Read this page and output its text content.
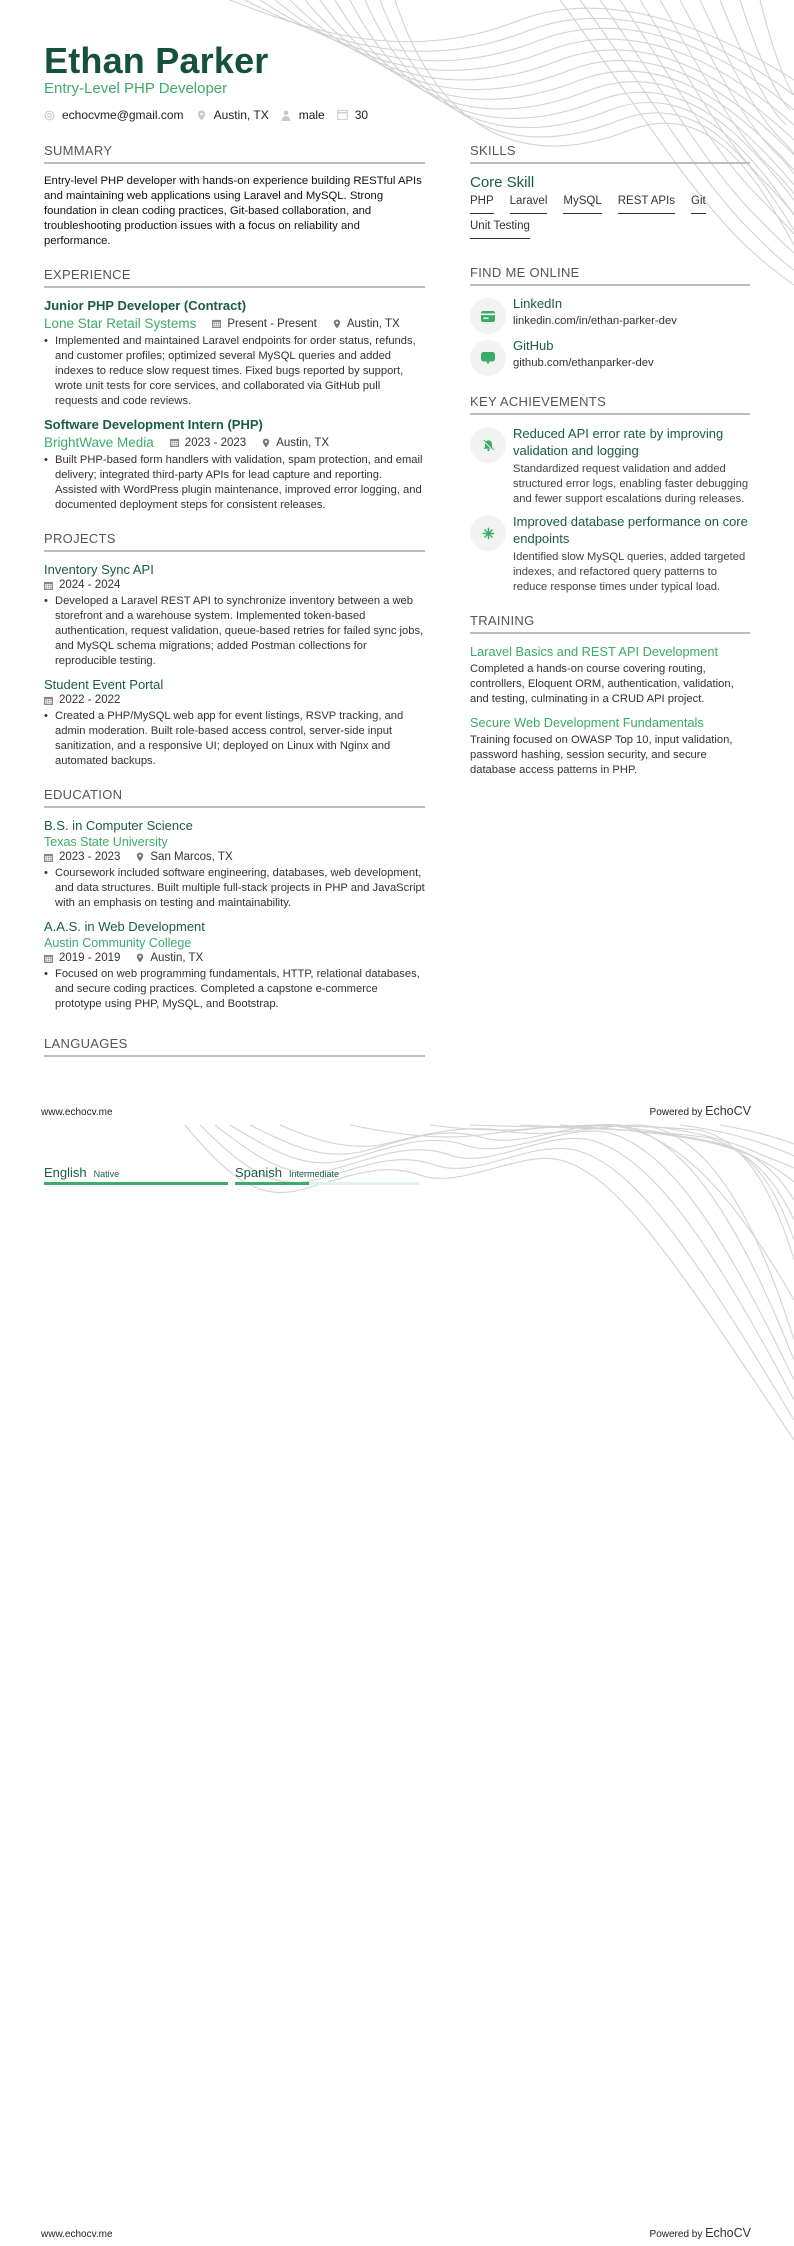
Ethan Parker
Entry-Level PHP Developer
echocvme@gmail.com	Austin, TX	male	30
SUMMARY
Entry-level PHP developer with hands-on experience building RESTful APIs and maintaining web applications using Laravel and MySQL. Strong foundation in clean coding practices, Git-based collaboration, and troubleshooting production issues with a focus on reliability and performance.
EXPERIENCE
Junior PHP Developer (Contract)
Lone Star Retail Systems	Present - Present	Austin, TX
• Implemented and maintained Laravel endpoints for order status, refunds, and customer profiles; optimized several MySQL queries and added indexes to reduce slow request times. Fixed bugs reported by support, wrote unit tests for core services, and collaborated via GitHub pull requests and code reviews.
Software Development Intern (PHP)
BrightWave Media	2023 - 2023	Austin, TX
• Built PHP-based form handlers with validation, spam protection, and email delivery; integrated third-party APIs for lead capture and reporting. Assisted with WordPress plugin maintenance, improved error logging, and documented deployment steps for consistent releases.
PROJECTS
Inventory Sync API
2024 - 2024
• Developed a Laravel REST API to synchronize inventory between a web storefront and a warehouse system. Implemented token-based authentication, request validation, queue-based retries for failed sync jobs, and MySQL schema migrations; added Postman collections for reproducible testing.
Student Event Portal
2022 - 2022
• Created a PHP/MySQL web app for event listings, RSVP tracking, and admin moderation. Built role-based access control, server-side input sanitization, and a responsive UI; deployed on Linux with Nginx and automated backups.
EDUCATION
B.S. in Computer Science
Texas State University
2023 - 2023	San Marcos, TX
• Coursework included software engineering, databases, web development, and data structures. Built multiple full-stack projects in PHP and JavaScript with an emphasis on testing and maintainability.
A.A.S. in Web Development
Austin Community College
2019 - 2019	Austin, TX
• Focused on web programming fundamentals, HTTP, relational databases, and secure coding practices. Completed a capstone e-commerce prototype using PHP, MySQL, and Bootstrap.
LANGUAGES
SKILLS
Core Skill
PHP Laravel MySQL REST APIs Git
Unit Testing
FIND ME ONLINE
LinkedIn
linkedin.com/in/ethan-parker-dev
GitHub
github.com/ethanparker-dev
KEY ACHIEVEMENTS
Reduced API error rate by improving validation and logging
Standardized request validation and added structured error logs, enabling faster debugging and fewer support escalations during releases.
Improved database performance on core endpoints
Identified slow MySQL queries, added targeted indexes, and refactored query patterns to reduce response times under typical load.
TRAINING
Laravel Basics and REST API Development
Completed a hands-on course covering routing, controllers, Eloquent ORM, authentication, validation, and testing, culminating in a CRUD API project.
Secure Web Development Fundamentals
Training focused on OWASP Top 10, input validation, password hashing, session security, and secure database access patterns in PHP.
www.echocv.me	Powered by EchoCV
English Native	Spanish Intermediate
www.echocv.me	Powered by EchoCV
